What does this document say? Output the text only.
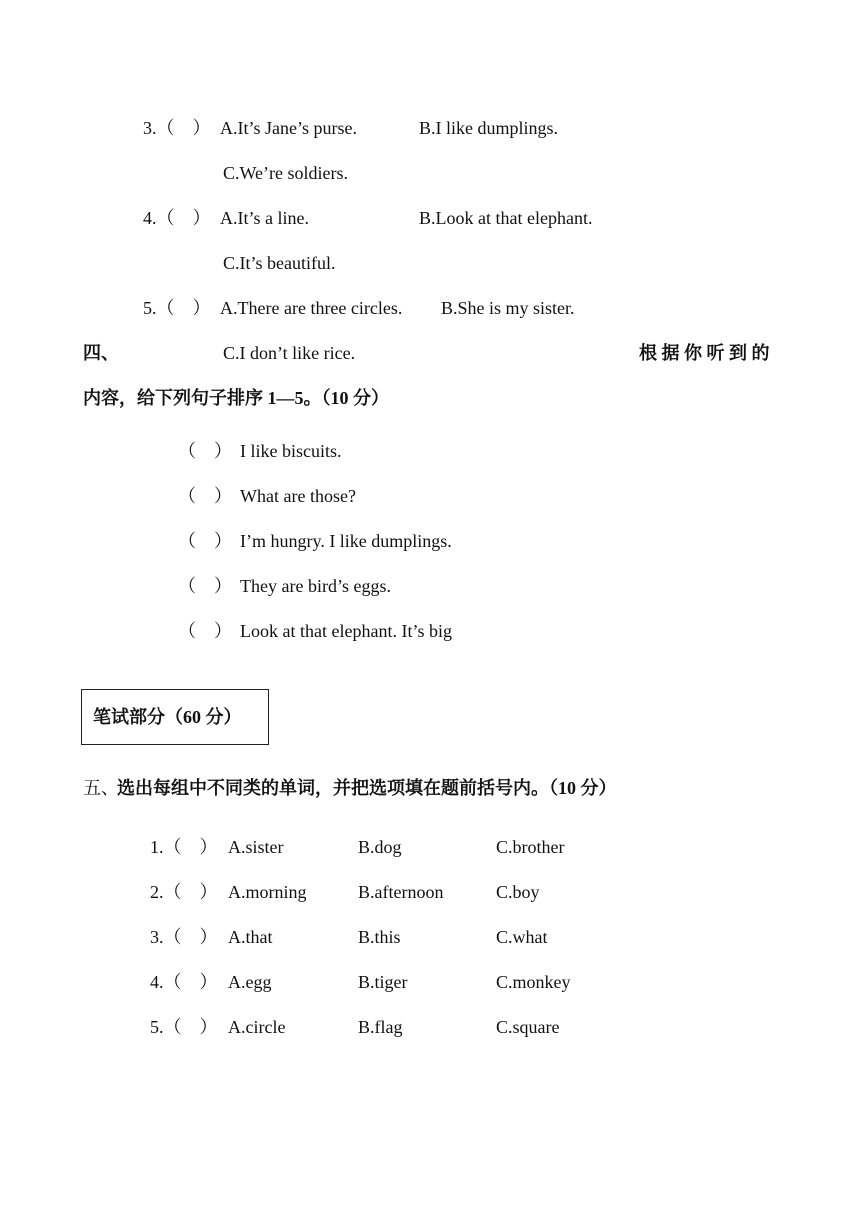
3.（　） A.It’s Jane’s purse.	B.I like dumplings.
C.We’re soldiers.
4.（　） A.It’s a line.	B.Look at that elephant.
C.It’s beautiful.
5.（　） A.There are three circles. B.She is my sister.
C.I don’t like rice.
四、	根 据 你 听 到 的
内容，给下列句子排序 1—5。（10 分）
（　） I like biscuits.
（　） What are those?
（　） I’m hungry. I like dumplings.
（　） They are bird’s eggs.
（　） Look at that elephant. It’s big
笔试部分（60 分）
五、
选出每组中不同类的单词，并把选项填在题前括号内。（10 分）
1.（　） A.sister	B.dog	C.brother
2.（　） A.morning	B.afternoon	C.boy
3.（　） A.that	B.this	C.what
4.（　） A.egg	B.tiger	C.monkey
5.（　） A.circle	B.flag	C.square
